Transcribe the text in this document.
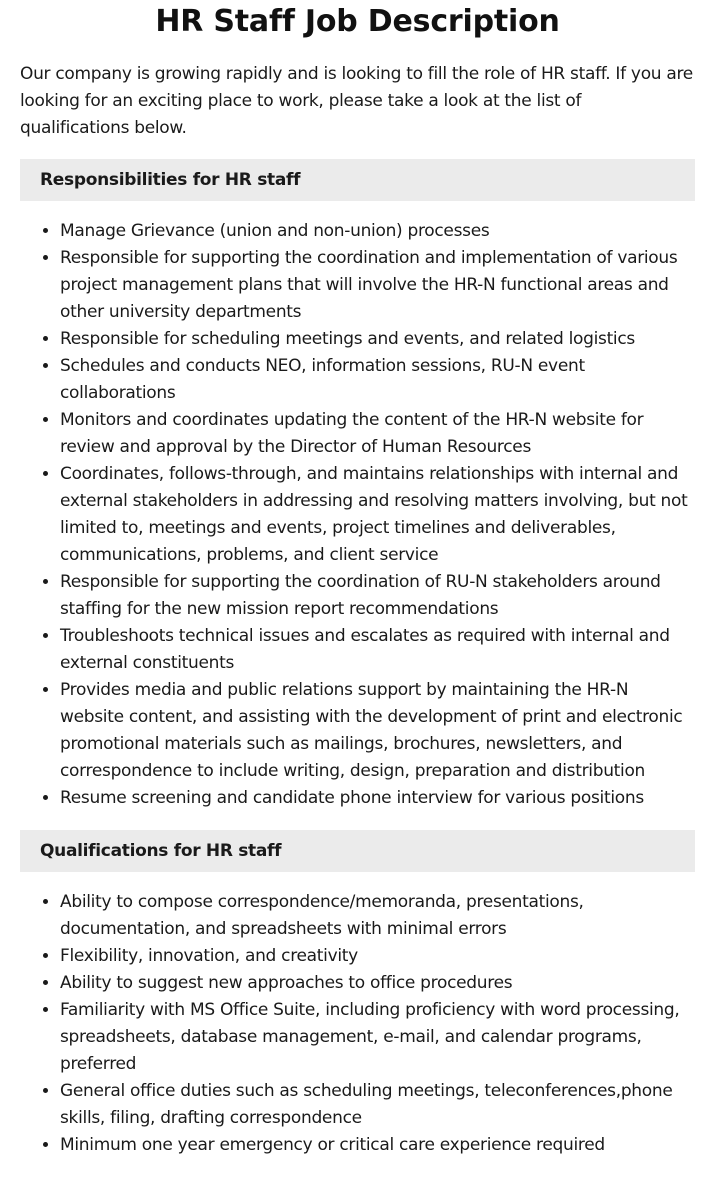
HR Staff Job Description

Our company is growing rapidly and is looking to fill the role of HR staff. If you are looking for an exciting place to work, please take a look at the list of qualifications below.

Responsibilities for HR staff
• Manage Grievance (union and non-union) processes
• Responsible for supporting the coordination and implementation of various project management plans that will involve the HR-N functional areas and other university departments
• Responsible for scheduling meetings and events, and related logistics
• Schedules and conducts NEO, information sessions, RU-N event collaborations
• Monitors and coordinates updating the content of the HR-N website for review and approval by the Director of Human Resources
• Coordinates, follows-through, and maintains relationships with internal and external stakeholders in addressing and resolving matters involving, but not limited to, meetings and events, project timelines and deliverables, communications, problems, and client service
• Responsible for supporting the coordination of RU-N stakeholders around staffing for the new mission report recommendations
• Troubleshoots technical issues and escalates as required with internal and external constituents
• Provides media and public relations support by maintaining the HR-N website content, and assisting with the development of print and electronic promotional materials such as mailings, brochures, newsletters, and correspondence to include writing, design, preparation and distribution
• Resume screening and candidate phone interview for various positions
Qualifications for HR staff
• Ability to compose correspondence/memoranda, presentations, documentation, and spreadsheets with minimal errors
• Flexibility, innovation, and creativity
• Ability to suggest new approaches to office procedures
• Familiarity with MS Office Suite, including proficiency with word processing, spreadsheets, database management, e-mail, and calendar programs, preferred
• General office duties such as scheduling meetings, teleconferences,phone skills, filing, drafting correspondence
• Minimum one year emergency or critical care experience required
